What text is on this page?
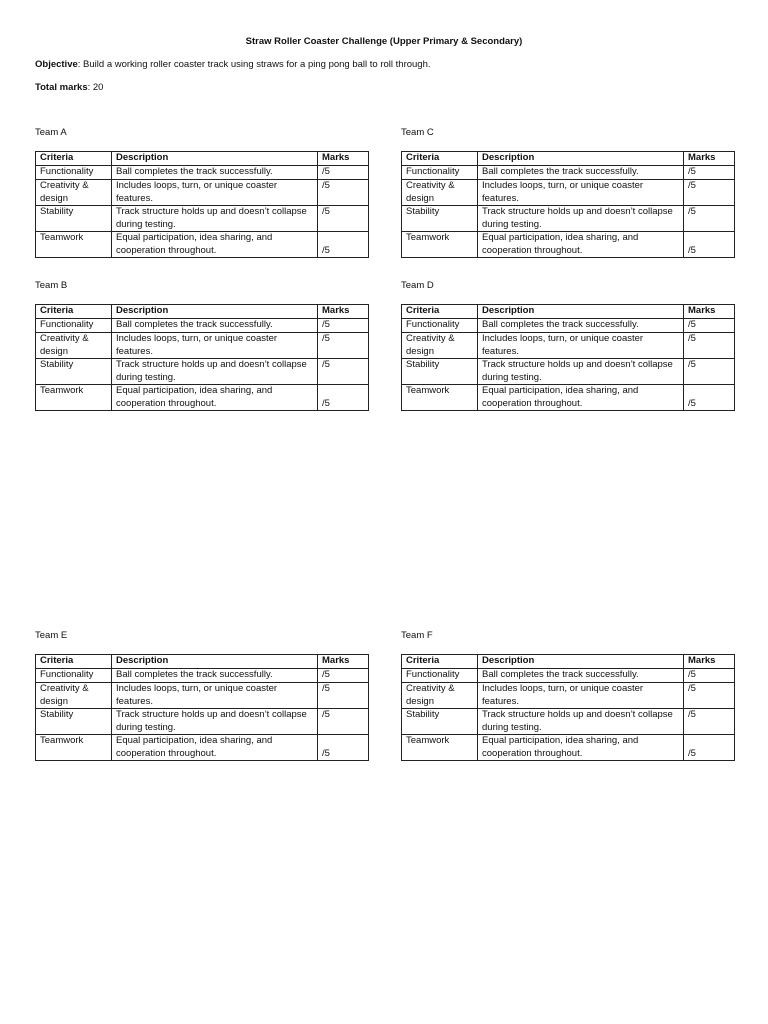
Straw Roller Coaster Challenge (Upper Primary & Secondary)
Objective: Build a working roller coaster track using straws for a ping pong ball to roll through.
Total marks: 20
Team A
Criteria	Description	Marks
Functionality	Ball completes the track successfully.	/5
Creativity & design	Includes loops, turn, or unique coaster features.	/5
Stability	Track structure holds up and doesn’t collapse during testing.	/5
Teamwork	Equal participation, idea sharing, and cooperation throughout.	/5
Team C
Criteria	Description	Marks
Functionality	Ball completes the track successfully.	/5
Creativity & design	Includes loops, turn, or unique coaster features.	/5
Stability	Track structure holds up and doesn’t collapse during testing.	/5
Teamwork	Equal participation, idea sharing, and cooperation throughout.	/5
Team B
Criteria	Description	Marks
Functionality	Ball completes the track successfully.	/5
Creativity & design	Includes loops, turn, or unique coaster features.	/5
Stability	Track structure holds up and doesn’t collapse during testing.	/5
Teamwork	Equal participation, idea sharing, and cooperation throughout.	/5
Team D
Criteria	Description	Marks
Functionality	Ball completes the track successfully.	/5
Creativity & design	Includes loops, turn, or unique coaster features.	/5
Stability	Track structure holds up and doesn’t collapse during testing.	/5
Teamwork	Equal participation, idea sharing, and cooperation throughout.	/5
Team E
Criteria	Description	Marks
Functionality	Ball completes the track successfully.	/5
Creativity & design	Includes loops, turn, or unique coaster features.	/5
Stability	Track structure holds up and doesn’t collapse during testing.	/5
Teamwork	Equal participation, idea sharing, and cooperation throughout.	/5
Team F
Criteria	Description	Marks
Functionality	Ball completes the track successfully.	/5
Creativity & design	Includes loops, turn, or unique coaster features.	/5
Stability	Track structure holds up and doesn’t collapse during testing.	/5
Teamwork	Equal participation, idea sharing, and cooperation throughout.	/5
